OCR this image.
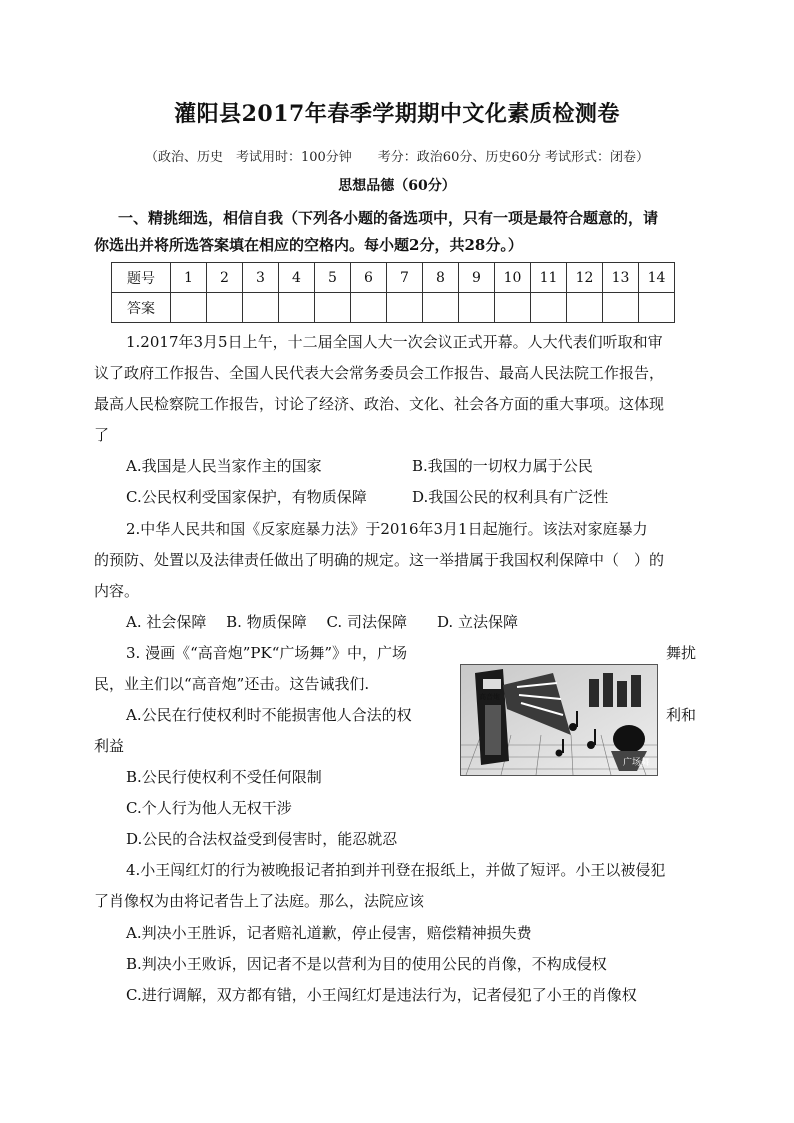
灌阳县2017年春季学期期中文化素质检测卷
（政治、历史　考试用时：100分钟　　考分：政治60分、历史60分 考试形式：闭卷）
思想品德（60分）
一、精挑细选，相信自我（下列各小题的备选项中，只有一项是最符合题意的，请
你选出并将所选答案填在相应的空格内。每小题2分，共28分。）
题号	1	2	3	4	5	6	7	8	9	10	11	12	13	14
答案														
1.2017年3月5日上午，十二届全国人大一次会议正式开幕。人大代表们听取和审
议了政府工作报告、全国人民代表大会常务委员会工作报告、最高人民法院工作报告，
最高人民检察院工作报告，讨论了经济、政治、文化、社会各方面的重大事项。这体现
了
A.我国是人民当家作主的国家	B.我国的一切权力属于公民
C.公民权利受国家保护，有物质保障	D.我国公民的权利具有广泛性
2.中华人民共和国《反家庭暴力法》于2016年3月1日起施行。该法对家庭暴力
的预防、处置以及法律责任做出了明确的规定。这一举措属于我国权利保障中（　）的
内容。
A. 社会保障　 B. 物质保障　 C. 司法保障　　D. 立法保障
3. 漫画《“高音炮”PK“广场舞”》中，广场	舞扰
民，业主们以“高音炮”还击。这告诫我们.
A.公民在行使权利时不能损害他人合法的权	利和
利益
B.公民行使权利不受任何限制
C.个人行为他人无权干涉
D.公民的合法权益受到侵害时，能忍就忍
广场舞
高音炮
4.小王闯红灯的行为被晚报记者拍到并刊登在报纸上，并做了短评。小王以被侵犯
了肖像权为由将记者告上了法庭。那么，法院应该
A.判决小王胜诉，记者赔礼道歉，停止侵害，赔偿精神损失费
B.判决小王败诉，因记者不是以营利为目的使用公民的肖像，不构成侵权
C.进行调解，双方都有错，小王闯红灯是违法行为，记者侵犯了小王的肖像权
